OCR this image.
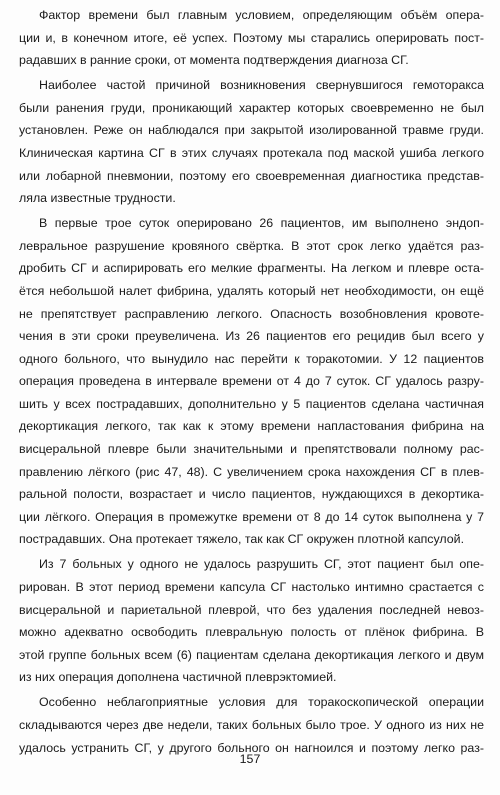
Фактор времени был главным условием, определяющим объём опера-
ции и, в конечном итоге, её успех. Поэтому мы старались оперировать пост-
радавших в ранние сроки, от момента подтверждения диагноза СГ.
Наиболее частой причиной возникновения свернувшигося гемоторакса
были ранения груди, проникающий характер которых своевременно не был
установлен. Реже он наблюдался при закрытой изолированной травме груди.
Клиническая картина СГ в этих случаях протекала под маской ушиба легкого
или лобарной пневмонии, поэтому его своевременная диагностика представ-
ляла известные трудности.
В первые трое суток оперировано 26 пациентов, им выполнено эндоп-
левральное разрушение кровяного свёртка. В этот срок легко удаётся раз-
дробить СГ и аспирировать его мелкие фрагменты. На легком и плевре оста-
ётся небольшой налет фибрина, удалять который нет необходимости, он ещё
не препятствует расправлению легкого. Опасность возобновления кровоте-
чения в эти сроки преувеличена. Из 26 пациентов его рецидив был всего у
одного больного, что вынудило нас перейти к торакотомии. У 12 пациентов
операция проведена в интервале времени от 4 до 7 суток. СГ удалось разру-
шить у всех пострадавших, дополнительно у 5 пациентов сделана частичная
декортикация легкого, так как к этому времени напластования фибрина на
висцеральной плевре были значительными и препятствовали полному рас-
правлению лёгкого (рис 47, 48). С увеличением срока нахождения СГ в плев-
ральной полости, возрастает и число пациентов, нуждающихся в декортика-
ции лёгкого. Операция в промежутке времени от 8 до 14 суток выполнена у 7
пострадавших. Она протекает тяжело, так как СГ окружен плотной капсулой.
Из 7 больных у одного не удалось разрушить СГ, этот пациент был опе-
рирован. В этот период времени капсула СГ настолько интимно срастается с
висцеральной и париетальной плеврой, что без удаления последней невоз-
можно адекватно освободить плевральную полость от плёнок фибрина. В
этой группе больных всем (6) пациентам сделана декортикация легкого и двум
из них операция дополнена частичной плеврэктомией.
Особенно неблагоприятные условия для торакоскопической операции
складываются через две недели, таких больных было трое. У одного из них не
удалось устранить СГ, у другого больного он нагноился и поэтому легко раз-
157
